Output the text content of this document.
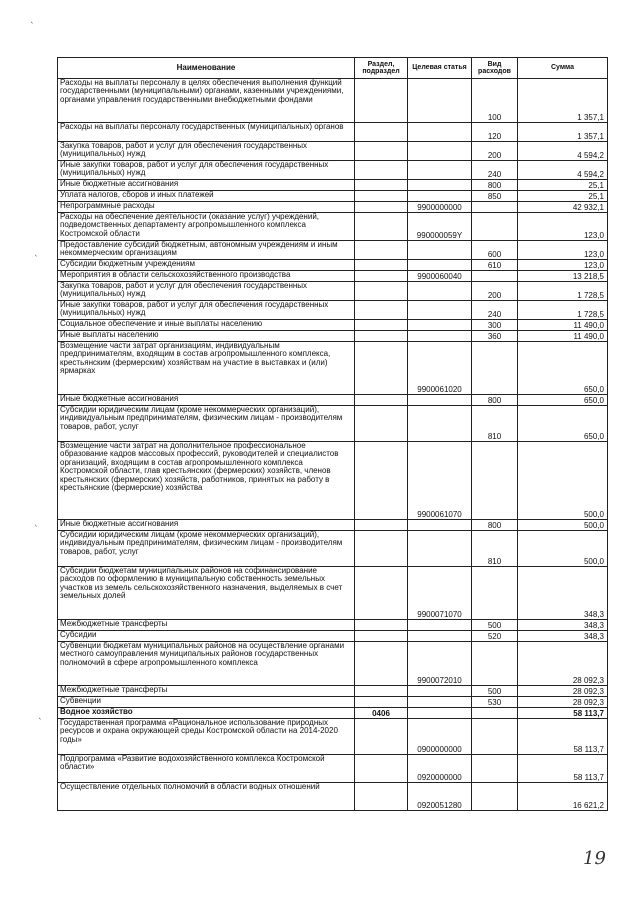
`
`
`
`
Наименование	Раздел, подраздел	Целевая статья	Вид расходов	Сумма
Расходы на выплаты персоналу в целях обеспечения выполнения функций государственными (муниципальными) органами, казенными учреждениями, органами управления государственными внебюджетными фондами			100	1 357,1
Расходы на выплаты персоналу государственных (муниципальных) органов			120	1 357,1
Закупка товаров, работ и услуг для обеспечения государственных (муниципальных) нужд			200	4 594,2
Иные закупки товаров, работ и услуг для обеспечения государственных (муниципальных) нужд			240	4 594,2
Иные бюджетные ассигнования			800	25,1
Уплата налогов, сборов и иных платежей			850	25,1
Непрограммные расходы		9900000000		42 932,1
Расходы на обеспечение деятельности (оказание услуг) учреждений, подведомственных департаменту агропромышленного комплекса Костромской области		990000059Y		123,0
Предоставление субсидий бюджетным, автономным учреждениям и иным некоммерческим организациям			600	123,0
Субсидии бюджетным учреждениям			610	123,0
Мероприятия в области сельскохозяйственного производства		9900060040		13 218,5
Закупка товаров, работ и услуг для обеспечения государственных (муниципальных) нужд			200	1 728,5
Иные закупки товаров, работ и услуг для обеспечения государственных (муниципальных) нужд			240	1 728,5
Социальное обеспечение и иные выплаты населению			300	11 490,0
Иные выплаты населению			360	11 490,0
Возмещение части затрат организациям, индивидуальным предпринимателям, входящим в состав агропромышленного комплекса, крестьянским (фермерским) хозяйствам на участие в выставках и (или) ярмарках		9900061020		650,0
Иные бюджетные ассигнования			800	650,0
Субсидии юридическим лицам (кроме некоммерческих организаций), индивидуальным предпринимателям, физическим лицам - производителям товаров, работ, услуг			810	650,0
Возмещение части затрат на дополнительное профессиональное образование кадров массовых профессий, руководителей и специалистов организаций, входящим в состав агропромышленного комплекса Костромской области, глав крестьянских (фермерских) хозяйств, членов крестьянских (фермерских) хозяйств, работников, принятых на работу в крестьянские (фермерские) хозяйства		9900061070		500,0
Иные бюджетные ассигнования			800	500,0
Субсидии юридическим лицам (кроме некоммерческих организаций), индивидуальным предпринимателям, физическим лицам - производителям товаров, работ, услуг			810	500,0
Субсидии бюджетам муниципальных районов на софинансирование расходов по оформлению в муниципальную собственность земельных участков из земель сельскохозяйственного назначения, выделяемых в счет земельных долей		9900071070		348,3
Межбюджетные трансферты			500	348,3
Субсидии			520	348,3
Субвенции бюджетам муниципальных районов на осуществление органами местного самоуправления муниципальных районов государственных полномочий в сфере агропромышленного комплекса		9900072010		28 092,3
Межбюджетные трансферты			500	28 092,3
Субвенции			530	28 092,3
Водное хозяйство	0406			58 113,7
Государственная программа «Рациональное использование природных ресурсов и охрана окружающей среды Костромской области на 2014-2020 годы»		0900000000		58 113,7
Подпрограмма «Развитие водохозяйственного комплекса Костромской области»		0920000000		58 113,7
Осуществление отдельных полномочий в области водных отношений		0920051280		16 621,2
19
